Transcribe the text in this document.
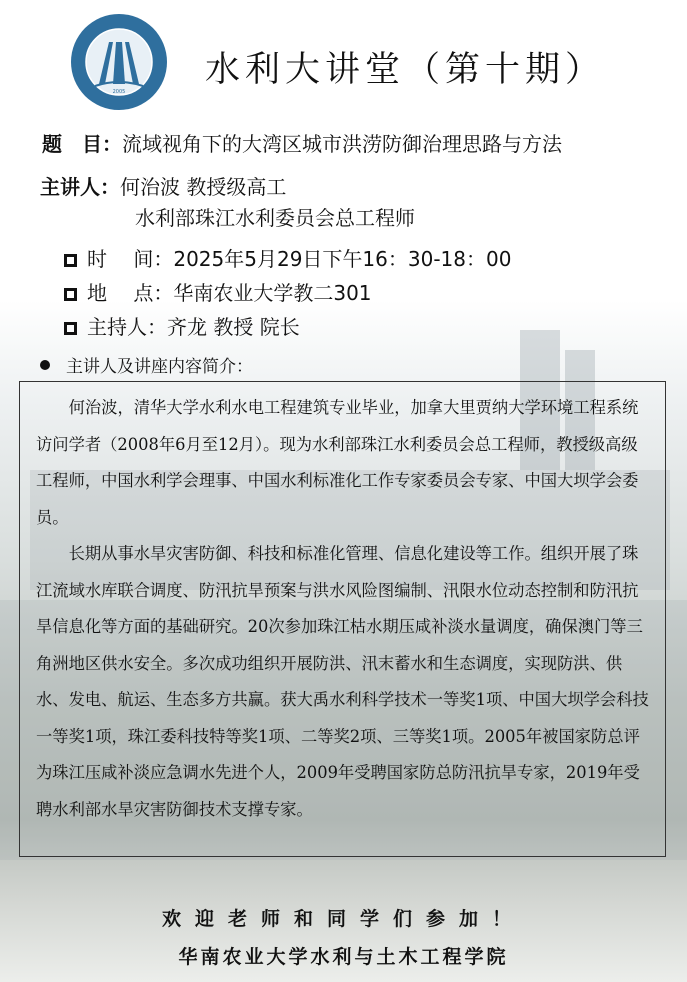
2005
水利大讲堂（第十期）
题　目：流域视角下的大湾区城市洪涝防御治理思路与方法
主讲人：何治波 教授级高工
水利部珠江水利委员会总工程师
时　 间：2025年5月29日下午16：30-18：00
地　 点：华南农业大学教二301
主持人：齐龙 教授 院长
主讲人及讲座内容简介：

何治波，清华大学水利水电工程建筑专业毕业，加拿大里贾纳大学环境工程系统访问学者（2008年6月至12月）。现为水利部珠江水利委员会总工程师，教授级高级工程师，中国水利学会理事、中国水利标准化工作专家委员会专家、中国大坝学会委员。

长期从事水旱灾害防御、科技和标准化管理、信息化建设等工作。组织开展了珠江流域水库联合调度、防汛抗旱预案与洪水风险图编制、汛限水位动态控制和防汛抗旱信息化等方面的基础研究。20次参加珠江枯水期压咸补淡水量调度，确保澳门等三角洲地区供水安全。多次成功组织开展防洪、汛末蓄水和生态调度，实现防洪、供水、发电、航运、生态多方共赢。获大禹水利科学技术一等奖1项、中国大坝学会科技一等奖1项，珠江委科技特等奖1项、二等奖2项、三等奖1项。2005年被国家防总评为珠江压咸补淡应急调水先进个人，2009年受聘国家防总防汛抗旱专家，2019年受聘水利部水旱灾害防御技术支撑专家。

欢迎老师和同学们参加！
华南农业大学水利与土木工程学院
